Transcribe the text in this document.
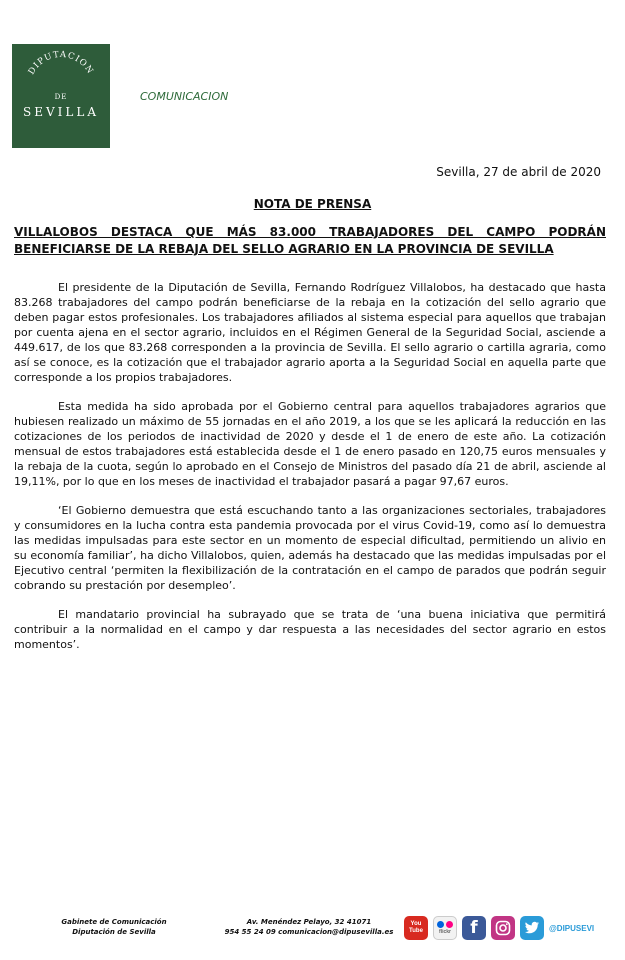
DIPUTACION
DE
SEVILLA
COMUNICACION
Sevilla, 27 de abril de 2020
NOTA DE PRENSA
VILLALOBOS DESTACA QUE MÁS 83.000 TRABAJADORES DEL CAMPO PODRÁN BENEFICIARSE DE LA REBAJA DEL SELLO AGRARIO EN LA PROVINCIA DE SEVILLA

El presidente de la Diputación de Sevilla, Fernando Rodríguez Villalobos, ha destacado que hasta 83.268 trabajadores del campo podrán beneficiarse de la rebaja en la cotización del sello agrario que deben pagar estos profesionales. Los trabajadores afiliados al sistema especial para aquellos que trabajan por cuenta ajena en el sector agrario, incluidos en el Régimen General de la Seguridad Social, asciende a 449.617, de los que 83.268 corresponden a la provincia de Sevilla. El sello agrario o cartilla agraria, como así se conoce, es la cotización que el trabajador agrario aporta a la Seguridad Social en aquella parte que corresponde a los propios trabajadores.

Esta medida ha sido aprobada por el Gobierno central para aquellos trabajadores agrarios que hubiesen realizado un máximo de 55 jornadas en el año 2019, a los que se les aplicará la reducción en las cotizaciones de los periodos de inactividad de 2020 y desde el 1 de enero de este año. La cotización mensual de estos trabajadores está establecida desde el 1 de enero pasado en 120,75 euros mensuales y la rebaja de la cuota, según lo aprobado en el Consejo de Ministros del pasado día 21 de abril, asciende al 19,11%, por lo que en los meses de inactividad el trabajador pasará a pagar 97,67 euros.

‘El Gobierno demuestra que está escuchando tanto a las organizaciones sectoriales, trabajadores y consumidores en la lucha contra esta pandemia provocada por el virus Covid-19, como así lo demuestra las medidas impulsadas para este sector en un momento de especial dificultad, permitiendo un alivio en su economía familiar’, ha dicho Villalobos, quien, además ha destacado que las medidas impulsadas por el Ejecutivo central ‘permiten la flexibilización de la contratación en el campo de parados que podrán seguir cobrando su prestación por desempleo’.

El mandatario provincial ha subrayado que se trata de ‘una buena iniciativa que permitirá contribuir a la normalidad en el campo y dar respuesta a las necesidades del sector agrario en estos momentos’.

Gabinete de Comunicación
Diputación de Sevilla
Av. Menéndez Pelayo, 32 41071
954 55 24 09 comunicacion@dipusevilla.es
You Tube	flickr f	@DIPUSEVI
